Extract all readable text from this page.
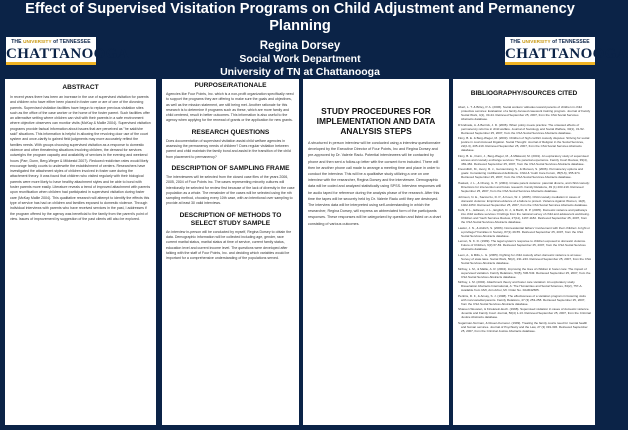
Effect of Supervised Visitation Programs on Child Adjustment and Permanency Planning
Regina Dorsey
Social Work Department
University of TN at Chattanooga
THE UNIVERSITY of TENNESSEE
CHATTANOOGA
THE UNIVERSITY of TENNESSEE
CHATTANOOGA
ABSTRACT
In recent years there has been an increase in the use of supervised visitation for parents and children who have either been placed in foster care or are of one of the divorcing parents. Supervised visitation facilities have begun to replace previous visitation sites such as the office of the case worker or the home of the foster parent. Such facilities offer an alternative setting where children can visit with their parents in a safe environment where objective observers can monitor visits (McKay & Mallie 2004). Supervised visitation programs provide factual information about issues that are perceived as "he said/she said" situations. This information is helpful in allowing the revolving door use of the court system and once-clarify to gained field judgments may more accurately reflect the families needs. With groups choosing supervised visitation as a response to domestic violence and other threatening situations involving children, the demand for services outweighs the program capacity and availability of services in the evening and weekend hours (Parr, Dunn, Berg-Weger & Mikkestd 2007). Reduced recidivism rates would likely encourage family courts to underwrite the establishment of centers. Researchers have investigated the attachment styles of children involved in foster care during the attachment theory. It was found that children who visited regularly with their biological parents were more likely to have healthy attachment styles and be able to bond with foster parents more easily. Literature reveals a trend of improved attachment with parents upon reunification when children had participated in supervised visitation during foster care (McKay Mallie 2004). This qualitative research will attempt to identify the effects this type of service has had on children and families exposed to domestic violence. Through individual interviews with parents who have received services in the past, I addresses if the program offered by the agency was beneficial to the family from the parent's point of view. Issues of improvement by suggestion of the past clients will also be explored.
PURPOSE/RATIONALE
Agencies like Four Points, Inc. which is a non-profit organization specifically need to support the programs they are offering to make sure the goals and objectives, as well as the mission statement, are still being met. Another rationale for this research is to determine if programs such as these, which are more family and child centered, result in better outcomes. This information is also useful to the agency when applying for the renewal of grants or the application for new grants.
RESEARCH QUESTIONS
Does documentation of supervised visitation assist child welfare agencies in assessing the permanency needs of children? Does regular visitation between parent and child maintain the family bond and assist in the transition of the child from placement to permanency?
DESCRIPTION OF SAMPLING FRAME
The interviewees will be selected from the closed case files of the years 2006, 2005, 2004 of Four Points Inc. The cases representing minority cultures will intentionally be selected for review first because of the lack of diversity in the case population as a whole. The remainder of the cases will be selected using the nth sampling method, choosing every 10th case, with an intentional over sampling to provide at least 30 valid interviews.
DESCRIPTION OF METHODS TO SELECT STUDY SAMPLE
An interview in-person will be conducted by myself, Regina Dorsey to obtain the data. Demographic information will be collected including age, gender, race current marital status, marital status at time of service, current family status, education level and current income level. The questions were developed after talking with the staff of Four Points, Inc. and deciding which variables would be important for a comprehensive understanding of the populations served.
STUDY PROCEDURES FOR IMPLEMENTATION AND DATA ANALYSIS STEPS
A structured in person interview will be conducted using a interview questionnaire developed by the Executive Director of Four Points, Inc and Regina Dorsey and pre-approved by Dr. Valerie Radu. Potential interviewees will be contacted by phone and then sent a follow-up letter with the consent form included. There will then be another phone call made to arrange a meeting time and place in order to conduct the interview. This will be a qualitative study utilizing a one on one interview with the researcher, Regina Dorsey and the interviewee. Demographic data will be coded and analyzed statistically using SPSS. Interview responses will be audio taped for reference during the analysis phase of the research. After this time the tapes will be securely held by Dr. Valerie Radu until they are destroyed. The interview data will be interpreted using self-understanding in which the researcher, Regina Dorsey, will express an abbreviated form of the participants responses. These responses will be categorized by question and listed on a chart consisting of various outcomes.
BIBLIOGRAPHY/SOURCES CITED

Abert, L. T. & Briley, P. A. (2006). Social workers' attitudes toward parents of children in child protective services: Evaluation of a family-focused casework training program. Journal of Family Social Work, 4(1), 33-44. Retrieved September 25, 2007, from the CSA Social Services Abstracts database.

D'Andrade, A. & Berrick, J. D. (2006). When policy meets practice: The untested effects of permanency reforms in child welfare. Journal of Sociology and Social Welfare, 33(1), 31-52. Retrieved September 25, 2007, from the CSA Social Services Abstracts database.

Flory, B. E. & Berg-Weger, M. (2003). Children of high conflict custody disputes: Striving for social justice in court-focused litigation. Social Thought: Journal of Religion in the Social Services, 22(2-3), 205-219. Retrieved September 25, 2007, from the CSA Social Services Abstracts database.

Flory, B. E., Dunn, J., Berg-Weger, M., & Mikkestd, M. (2001). An exploratory study of supervised access and custody exchange services: The parental experience. Family Court Review, 39(4), 469-482. Retrieved September 25, 2007, from the CSA Social Services Abstracts database.

Freundlich, M., Avery, R. J., Gerstenzang, S., & Munson, S. (2006). Permanency options and goals: Considering multifaceted definitions. Child & Youth Care Forum, 35(5-6), 355-374. Retrieved September 25, 2007, from the CSA Social Services Abstracts database.

Haskett, J. L., & Chang, G. H. (2004). Inmate parent violence: parental divorce, and child custody: Directions for intervention and future research. Family Relations, 49 (1) 203-219. Retrieved September 25, 2007, from the CSA Social Services Abstracts database.

Johnson, N. E., Saccuzzo, D. P., & Koen, W. J. (2005). Child custody mediation in cases of domestic violence: Empirical evidence of a failure to protect. Violence Against Women, 11(8), 1022-1053. Retrieved September 25, 2007, from the CSA Social Services Abstracts database.

Kohl, P. L., Edleson, J. L., English, D. J., & Barth, R. P. (2005). Domestic violence and pathways into child welfare services: Findings from the national survey of child and adolescent well-being. Children and Youth Services Review, 27(11), 1167-1182. Retrieved September 25, 2007, from the CSA Social Services Abstracts database.

Lawlor, J. N., & Aldrich, S. (2006). Nonresidential fathers' involvement with their children: A right or a privilege? Families in Society, 87(1) 49-55. Retrieved September 25, 2007, from the CSA Social Services Abstracts database.

Lemon, N. K. D. (1999). The legal system's response to children exposed to domestic violence. Future of Children, 9(3) 67-83. Retrieved September 25, 2007, from the CSA Social Services Abstracts database.

Leon, A., & Mills, L. G. (2005). Fighting for child custody when domestic violence is at issue: Survey of state laws. Social Work, 50(2), 231-243. Retrieved September 25, 2007, from the CSA Social Services Abstracts database.

McKay, L. M., & Mallie, A. R. (2004). Improving the lives of children in foster care: The impact of supervised visitation. Family Relations, 53(5), 536-543. Retrieved September 25, 2007, from the CSA Social Services Abstracts database.

McKay, L. M. (2002). Attachment theory and foster care visitation: An exploratory study. Dissertation Abstracts International, A: The Humanities and Social Sciences, 63(2), 757-A. Available from UMI, Ann Arbor, MI. Order No. DA3042585.

Perkins, D. F., & Ansay, S. J. (1998). The effectiveness of a visitation program in fostering visits with noncustodial parents. Family Relations, 47 (3) 253-258. Retrieved September 25, 2007, from the CSA Social Services Abstracts database.

Shareen Weusten, & Kinsletein-Esch. (1998). Supervised visitation in cases of domestic violence. Juvenile and Family Court Journal, 50(4) 1-13. Retrieved September 25, 2007, from the Criminal Justice Abstracts database.

Sugarman-Norman, & Rosen-Kemerer. (1999). Treating the family courts need for mental health and human services. Journal of Psychiatry and the Law, 27 (3) 319-336. Retrieved September 25, 2007, from the Criminal Justice Abstracts database.
